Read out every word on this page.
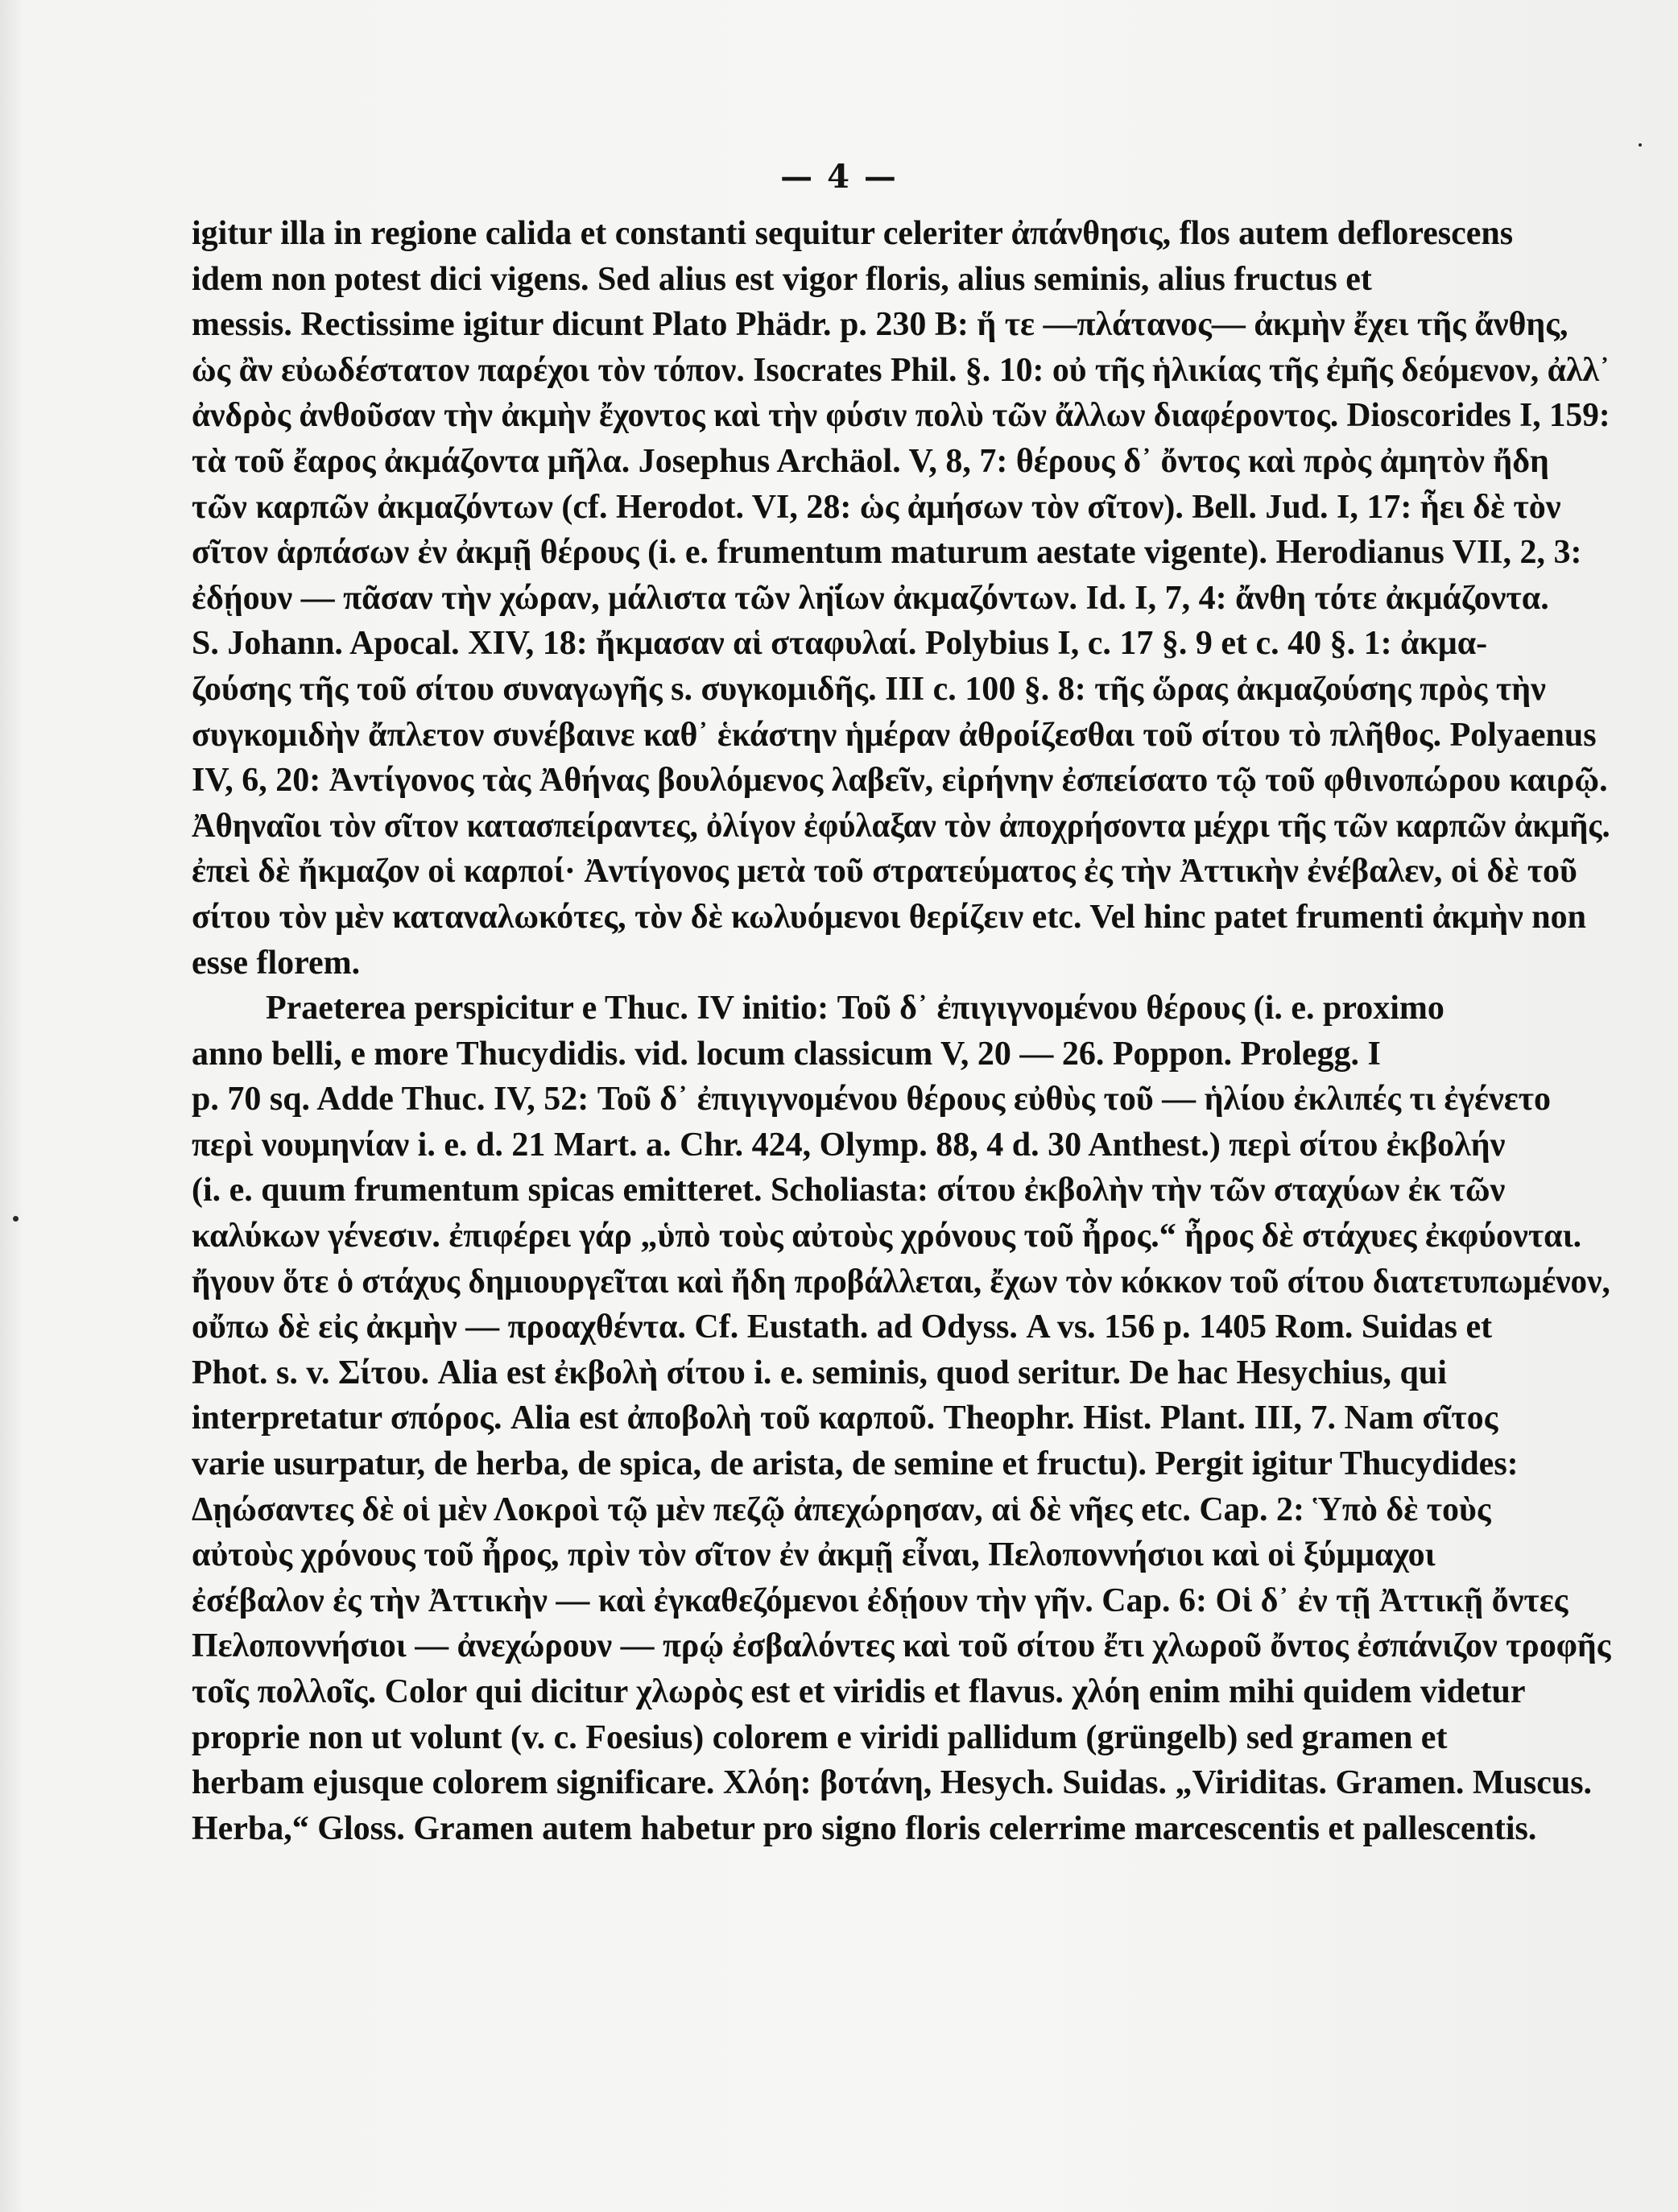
— 4 —
igitur illa in regione calida et constanti sequitur celeriter ἀπάνθησις, flos autem deflorescens
idem non potest dici vigens. Sed alius est vigor floris, alius seminis, alius fructus et
messis. Rectissime igitur dicunt Plato Phädr. p. 230 B: ἥ τε —πλάτανος— ἀκμὴν ἔχει τῆς ἄνθης,
ὡς ἂν εὐωδέστατον παρέχοι τὸν τόπον. Isocrates Phil. §. 10: οὐ τῆς ἡλικίας τῆς ἐμῆς δεόμενον, ἀλλ᾽
ἀνδρὸς ἀνθοῦσαν τὴν ἀκμὴν ἔχοντος καὶ τὴν φύσιν πολὺ τῶν ἄλλων διαφέροντος. Dioscorides I, 159:
τὰ τοῦ ἔαρος ἀκμάζοντα μῆλα. Josephus Archäol. V, 8, 7: θέρους δ᾽ ὄντος καὶ πρὸς ἀμητὸν ἤδη
τῶν καρπῶν ἀκμαζόντων (cf. Herodot. VI, 28: ὡς ἀμήσων τὸν σῖτον). Bell. Jud. I, 17: ἧει δὲ τὸν
σῖτον ἁρπάσων ἐν ἀκμῇ θέρους (i. e. frumentum maturum aestate vigente). Herodianus VII, 2, 3:
ἐδῄουν — πᾶσαν τὴν χώραν, μάλιστα τῶν λη̈ίων ἀκμαζόντων. Id. I, 7, 4: ἄνθη τότε ἀκμάζοντα.
S. Johann. Apocal. XIV, 18: ἤκμασαν αἱ σταφυλαί. Polybius I, c. 17 §. 9 et c. 40 §. 1: ἀκμα-
ζούσης τῆς τοῦ σίτου συναγωγῆς s. συγκομιδῆς. III c. 100 §. 8: τῆς ὥρας ἀκμαζούσης πρὸς τὴν
συγκομιδὴν ἄπλετον συνέβαινε καθ᾽ ἑκάστην ἡμέραν ἀθροίζεσθαι τοῦ σίτου τὸ πλῆθος. Polyaenus
IV, 6, 20: Ἀντίγονος τὰς Ἀθήνας βουλόμενος λαβεῖν, εἰρήνην ἐσπείσατο τῷ τοῦ φθινοπώρου καιρῷ.
Ἀθηναῖοι τὸν σῖτον κατασπείραντες, ὀλίγον ἐφύλαξαν τὸν ἀποχρήσοντα μέχρι τῆς τῶν καρπῶν ἀκμῆς.
ἐπεὶ δὲ ἤκμαζον οἱ καρποί· Ἀντίγονος μετὰ τοῦ στρατεύματος ἐς τὴν Ἀττικὴν ἐνέβαλεν, οἱ δὲ τοῦ
σίτου τὸν μὲν καταναλωκότες, τὸν δὲ κωλυόμενοι θερίζειν etc. Vel hinc patet frumenti ἀκμὴν non
esse florem.
Praeterea perspicitur e Thuc. IV initio: Τοῦ δ᾽ ἐπιγιγνομένου θέρους (i. e. proximo
anno belli, e more Thucydidis. vid. locum classicum V, 20 — 26. Poppon. Prolegg. I
p. 70 sq. Adde Thuc. IV, 52: Τοῦ δ᾽ ἐπιγιγνομένου θέρους εὐθὺς τοῦ — ἡλίου ἐκλιπές τι ἐγένετο
περὶ νουμηνίαν i. e. d. 21 Mart. a. Chr. 424, Olymp. 88, 4 d. 30 Anthest.) περὶ σίτου ἐκβολήν
(i. e. quum frumentum spicas emitteret. Scholiasta: σίτου ἐκβολὴν τὴν τῶν σταχύων ἐκ τῶν
καλύκων γένεσιν. ἐπιφέρει γάρ „ὑπὸ τοὺς αὐτοὺς χρόνους τοῦ ἦρος.“ ἦρος δὲ στάχυες ἐκφύονται.
ἤγουν ὅτε ὁ στάχυς δημιουργεῖται καὶ ἤδη προβάλλεται, ἔχων τὸν κόκκον τοῦ σίτου διατετυπωμένον,
οὔπω δὲ εἰς ἀκμὴν — προαχθέντα. Cf. Eustath. ad Odyss. Α vs. 156 p. 1405 Rom. Suidas et
Phot. s. v. Σίτου. Alia est ἐκβολὴ σίτου i. e. seminis, quod seritur. De hac Hesychius, qui
interpretatur σπόρος. Alia est ἀποβολὴ τοῦ καρποῦ. Theophr. Hist. Plant. III, 7. Nam σῖτος
varie usurpatur, de herba, de spica, de arista, de semine et fructu). Pergit igitur Thucydides:
Δῃώσαντες δὲ οἱ μὲν Λοκροὶ τῷ μὲν πεζῷ ἀπεχώρησαν, αἱ δὲ νῆες etc. Cap. 2: Ὑπὸ δὲ τοὺς
αὐτοὺς χρόνους τοῦ ἦρος, πρὶν τὸν σῖτον ἐν ἀκμῇ εἶναι, Πελοποννήσιοι καὶ οἱ ξύμμαχοι
ἐσέβαλον ἐς τὴν Ἀττικὴν — καὶ ἐγκαθεζόμενοι ἐδῄουν τὴν γῆν. Cap. 6: Οἱ δ᾽ ἐν τῇ Ἀττικῇ ὄντες
Πελοποννήσιοι — ἀνεχώρουν — πρῴ ἐσβαλόντες καὶ τοῦ σίτου ἔτι χλωροῦ ὄντος ἐσπάνιζον τροφῆς
τοῖς πολλοῖς. Color qui dicitur χλωρὸς est et viridis et flavus. χλόη enim mihi quidem videtur
proprie non ut volunt (v. c. Foesius) colorem e viridi pallidum (grüngelb) sed gramen et
herbam ejusque colorem significare. Χλόη: βοτάνη, Hesych. Suidas. „Viriditas. Gramen. Muscus.
Herba,“ Gloss. Gramen autem habetur pro signo floris celerrime marcescentis et pallescentis.
